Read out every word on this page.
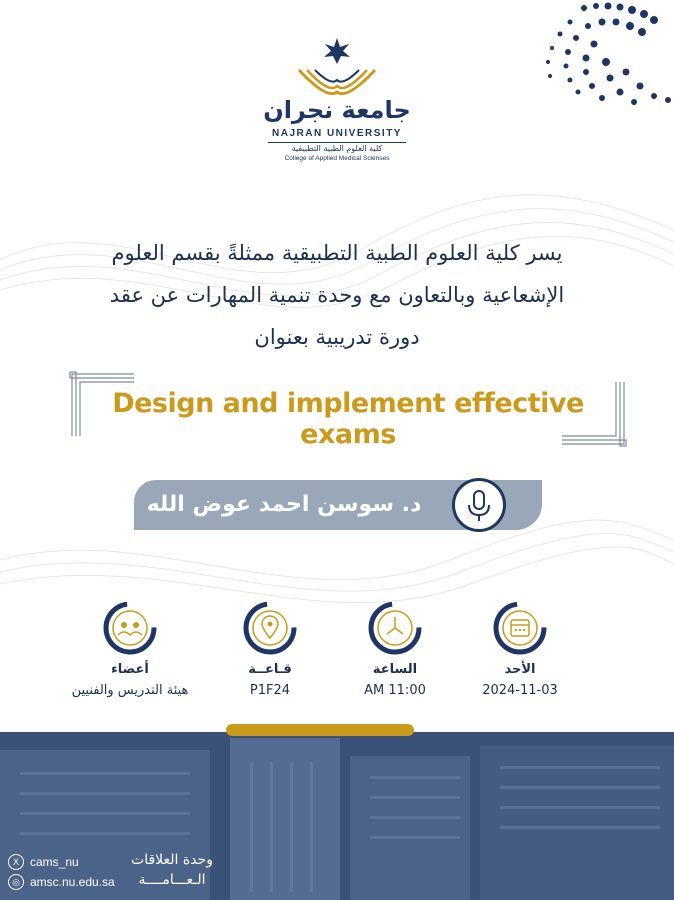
جامعة نجران
NAJRAN UNIVERSITY
كلية العلوم الطبية التطبيقية
College of Applied Medical Scienses
يسر كلية العلوم الطبية التطبيقية ممثلةً بقسم العلوم
الإشعاعية وبالتعاون مع وحدة تنمية المهارات عن عقد
دورة تدريبية بعنوان
Design and implement effective exams
د. سوسن احمد عوض الله
أعضاء
هيئة التدريس والفنيين
قـاعــة
P1F24
الساعة
11:00 AM
الأحد
2024-11-03
X cams_nu
◎ amsc.nu.edu.sa
وحدة العلاقات
الـعـــامــــة
